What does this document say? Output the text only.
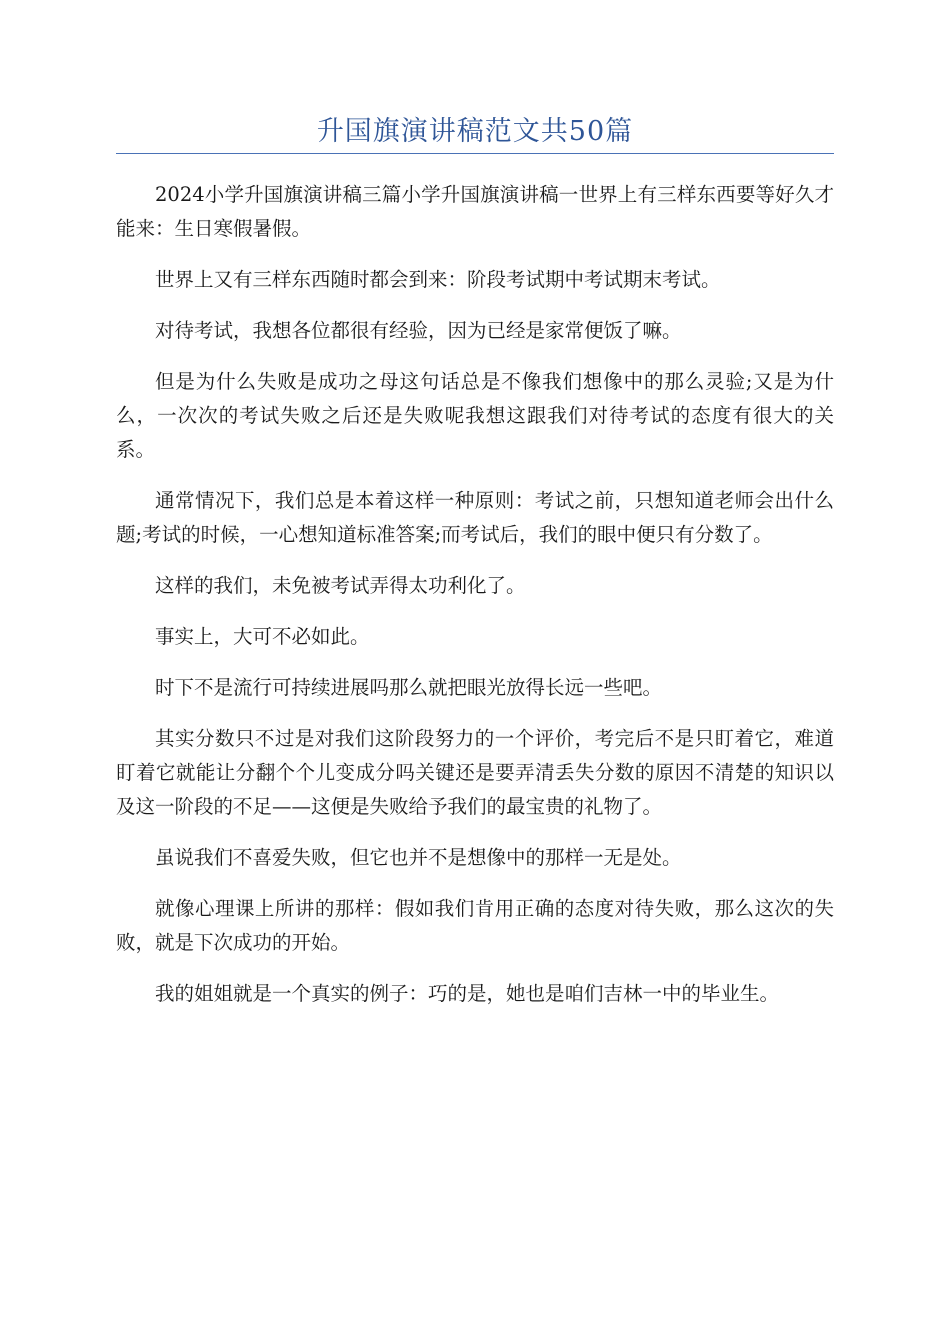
升国旗演讲稿范文共50篇

2024小学升国旗演讲稿三篇小学升国旗演讲稿一世界上有三样东西要等好久才能来：生日寒假暑假。

世界上又有三样东西随时都会到来：阶段考试期中考试期末考试。

对待考试，我想各位都很有经验，因为已经是家常便饭了嘛。

但是为什么失败是成功之母这句话总是不像我们想像中的那么灵验;又是为什么，一次次的考试失败之后还是失败呢我想这跟我们对待考试的态度有很大的关系。

通常情况下，我们总是本着这样一种原则：考试之前，只想知道老师会出什么题;考试的时候，一心想知道标准答案;而考试后，我们的眼中便只有分数了。

这样的我们，未免被考试弄得太功利化了。

事实上，大可不必如此。

时下不是流行可持续进展吗那么就把眼光放得长远一些吧。

其实分数只不过是对我们这阶段努力的一个评价，考完后不是只盯着它，难道盯着它就能让分翻个个儿变成分吗关键还是要弄清丢失分数的原因不清楚的知识以及这一阶段的不足——这便是失败给予我们的最宝贵的礼物了。

虽说我们不喜爱失败，但它也并不是想像中的那样一无是处。

就像心理课上所讲的那样：假如我们肯用正确的态度对待失败，那么这次的失败，就是下次成功的开始。

我的姐姐就是一个真实的例子：巧的是，她也是咱们吉林一中的毕业生。
